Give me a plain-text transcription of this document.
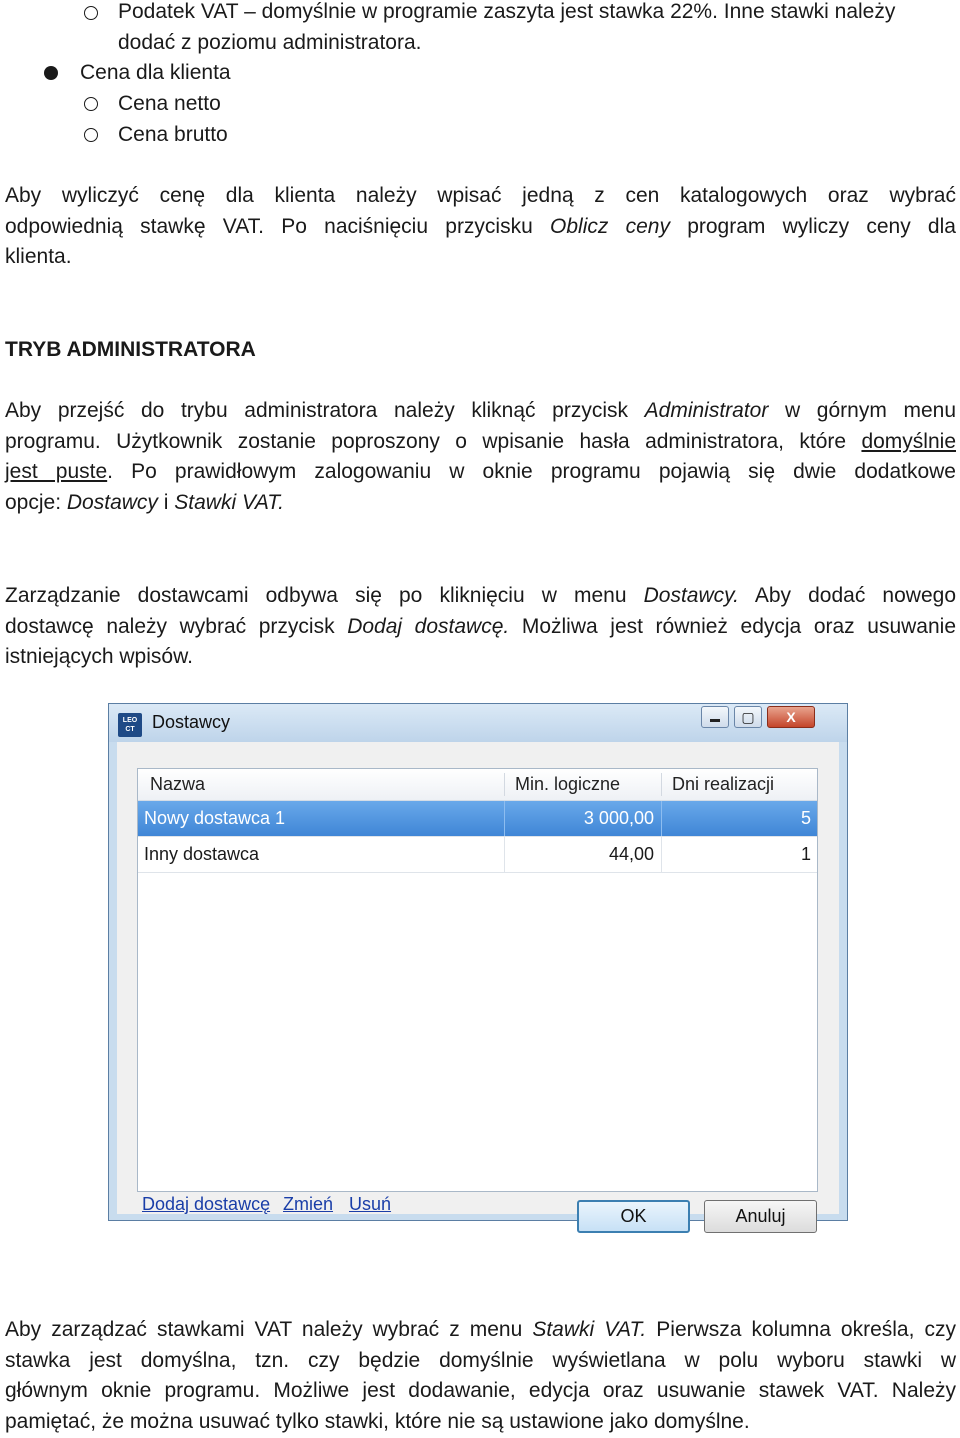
Podatek VAT – domyślnie w programie zaszyta jest stawka 22%. Inne stawki należy
dodać z poziomu administratora.
Cena dla klienta
Cena netto
Cena brutto
Aby wyliczyć cenę dla klienta należy wpisać jedną z cen katalogowych oraz wybrać
odpowiednią stawkę VAT. Po naciśnięciu przycisku Oblicz ceny program wyliczy ceny dla
klienta.
TRYB ADMINISTRATORA
Aby przejść do trybu administratora należy kliknąć przycisk Administrator w górnym menu
programu. Użytkownik zostanie poproszony o wpisanie hasła administratora, które domyślnie
jest puste. Po prawidłowym zalogowaniu w oknie programu pojawią się dwie dodatkowe
opcje: Dostawcy i Stawki VAT.
Zarządzanie dostawcami odbywa się po kliknięciu w menu Dostawcy. Aby dodać nowego
dostawcę należy wybrać przycisk Dodaj dostawcę. Możliwa jest również edycja oraz usuwanie
istniejących wpisów.
LEO CT Dostawcy	▬	▢	X
Nazwa	Min. logiczne	Dni realizacji
Nowy dostawca 1	3 000,00	5
Inny dostawca	44,00	1
Dodaj dostawcę Zmień Usuń
OK	Anuluj
Aby zarządzać stawkami VAT należy wybrać z menu Stawki VAT. Pierwsza kolumna określa, czy
stawka jest domyślna, tzn. czy będzie domyślnie wyświetlana w polu wyboru stawki w
głównym oknie programu. Możliwe jest dodawanie, edycja oraz usuwanie stawek VAT. Należy
pamiętać, że można usuwać tylko stawki, które nie są ustawione jako domyślne.
